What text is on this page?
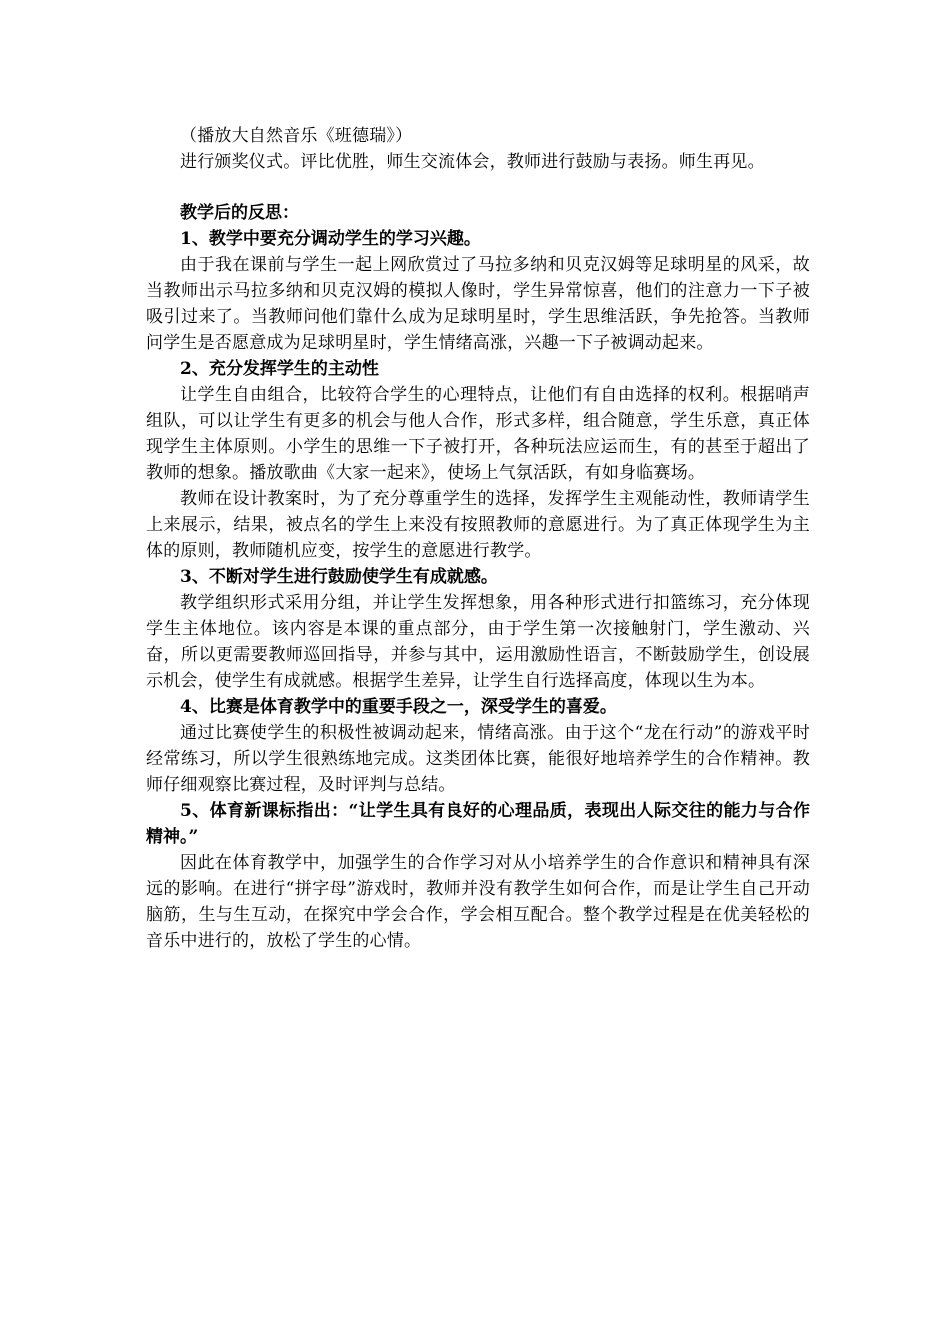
（播放大自然音乐《班德瑞》）

进行颁奖仪式。评比优胜，师生交流体会，教师进行鼓励与表扬。师生再见。

教学后的反思：

1、教学中要充分调动学生的学习兴趣。

由于我在课前与学生一起上网欣赏过了马拉多纳和贝克汉姆等足球明星的风采，故当教师出示马拉多纳和贝克汉姆的模拟人像时，学生异常惊喜，他们的注意力一下子被吸引过来了。当教师问他们靠什么成为足球明星时，学生思维活跃，争先抢答。当教师问学生是否愿意成为足球明星时，学生情绪高涨，兴趣一下子被调动起来。

2、充分发挥学生的主动性

让学生自由组合，比较符合学生的心理特点，让他们有自由选择的权利。根据哨声组队，可以让学生有更多的机会与他人合作，形式多样，组合随意，学生乐意，真正体现学生主体原则。小学生的思维一下子被打开，各种玩法应运而生，有的甚至于超出了教师的想象。播放歌曲《大家一起来》，使场上气氛活跃，有如身临赛场。

教师在设计教案时，为了充分尊重学生的选择，发挥学生主观能动性，教师请学生上来展示，结果，被点名的学生上来没有按照教师的意愿进行。为了真正体现学生为主体的原则，教师随机应变，按学生的意愿进行教学。

3、不断对学生进行鼓励使学生有成就感。

教学组织形式采用分组，并让学生发挥想象，用各种形式进行扣篮练习，充分体现学生主体地位。该内容是本课的重点部分，由于学生第一次接触射门，学生激动、兴奋，所以更需要教师巡回指导，并参与其中，运用激励性语言，不断鼓励学生，创设展示机会，使学生有成就感。根据学生差异，让学生自行选择高度，体现以生为本。

4、比赛是体育教学中的重要手段之一，深受学生的喜爱。

通过比赛使学生的积极性被调动起来，情绪高涨。由于这个“龙在行动”的游戏平时经常练习，所以学生很熟练地完成。这类团体比赛，能很好地培养学生的合作精神。教师仔细观察比赛过程，及时评判与总结。

5、体育新课标指出：“让学生具有良好的心理品质，表现出人际交往的能力与合作精神。”

因此在体育教学中，加强学生的合作学习对从小培养学生的合作意识和精神具有深远的影响。在进行“拼字母”游戏时，教师并没有教学生如何合作，而是让学生自己开动脑筋，生与生互动，在探究中学会合作，学会相互配合。整个教学过程是在优美轻松的音乐中进行的，放松了学生的心情。
